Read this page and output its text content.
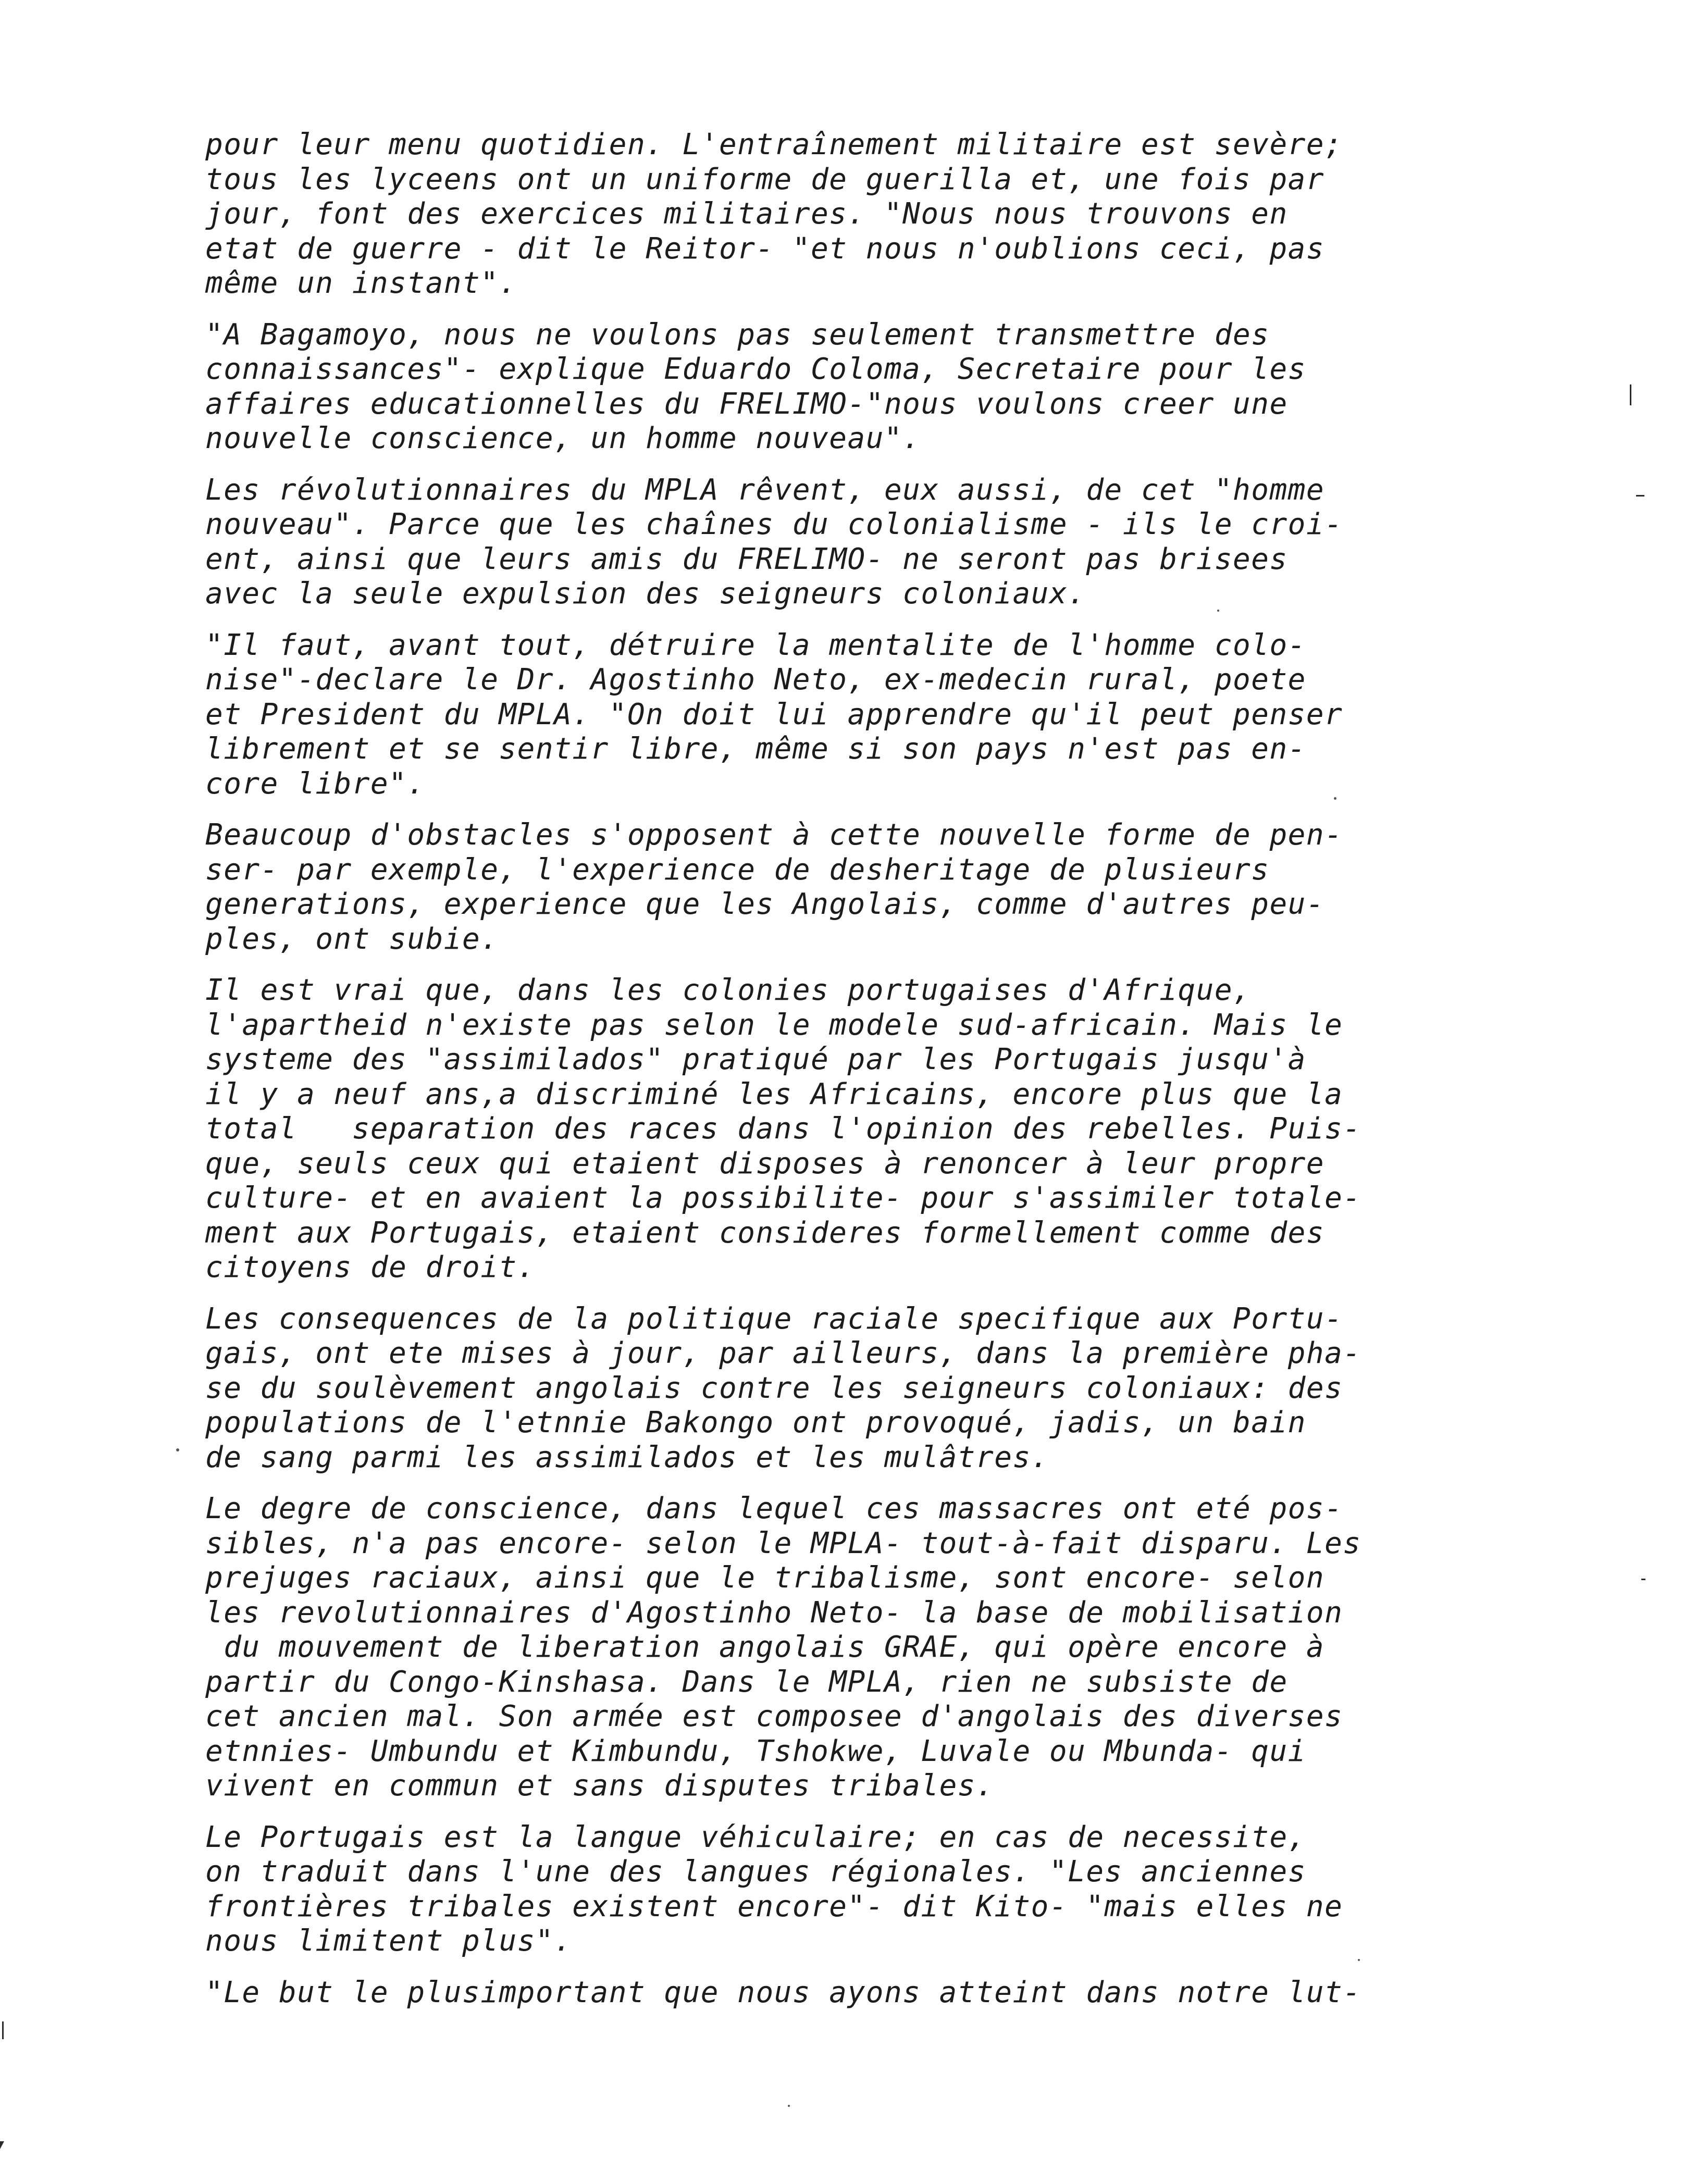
pour leur menu quotidien. L'entraînement militaire est sevère;
tous les lyceens ont un uniforme de guerilla et, une fois par
jour, font des exercices militaires. "Nous nous trouvons en
etat de guerre - dit le Reitor- "et nous n'oublions ceci, pas
même un instant".

"A Bagamoyo, nous ne voulons pas seulement transmettre des
connaissances"- explique Eduardo Coloma, Secretaire pour les
affaires educationnelles du FRELIMO-"nous voulons creer une
nouvelle conscience, un homme nouveau".

Les révolutionnaires du MPLA rêvent, eux aussi, de cet "homme
nouveau". Parce que les chaînes du colonialisme - ils le croi-
ent, ainsi que leurs amis du FRELIMO- ne seront pas brisees
avec la seule expulsion des seigneurs coloniaux.

"Il faut, avant tout, détruire la mentalite de l'homme colo-
nise"-declare le Dr. Agostinho Neto, ex-medecin rural, poete
et President du MPLA. "On doit lui apprendre qu'il peut penser
librement et se sentir libre, même si son pays n'est pas en-
core libre".

Beaucoup d'obstacles s'opposent à cette nouvelle forme de pen-
ser- par exemple, l'experience de desheritage de plusieurs
generations, experience que les Angolais, comme d'autres peu-
ples, ont subie.

Il est vrai que, dans les colonies portugaises d'Afrique,
l'apartheid n'existe pas selon le modele sud-africain. Mais le
systeme des "assimilados" pratiqué par les Portugais jusqu'à
il y a neuf ans,a discriminé les Africains, encore plus que la
total   separation des races dans l'opinion des rebelles. Puis-
que, seuls ceux qui etaient disposes à renoncer à leur propre
culture- et en avaient la possibilite- pour s'assimiler totale-
ment aux Portugais, etaient consideres formellement comme des
citoyens de droit.

Les consequences de la politique raciale specifique aux Portu-
gais, ont ete mises à jour, par ailleurs, dans la première pha-
se du soulèvement angolais contre les seigneurs coloniaux: des
populations de l'etnnie Bakongo ont provoqué, jadis, un bain
de sang parmi les assimilados et les mulâtres.

Le degre de conscience, dans lequel ces massacres ont eté pos-
sibles, n'a pas encore- selon le MPLA- tout-à-fait disparu. Les
prejuges raciaux, ainsi que le tribalisme, sont encore- selon
les revolutionnaires d'Agostinho Neto- la base de mobilisation
du mouvement de liberation angolais GRAE, qui opère encore à
partir du Congo-Kinshasa. Dans le MPLA, rien ne subsiste de
cet ancien mal. Son armée est composee d'angolais des diverses
etnnies- Umbundu et Kimbundu, Tshokwe, Luvale ou Mbunda- qui
vivent en commun et sans disputes tribales.

Le Portugais est la langue véhiculaire; en cas de necessite,
on traduit dans l'une des langues régionales. "Les anciennes
frontières tribales existent encore"- dit Kito- "mais elles ne
nous limitent plus".

"Le but le plusimportant que nous ayons atteint dans notre lut-
